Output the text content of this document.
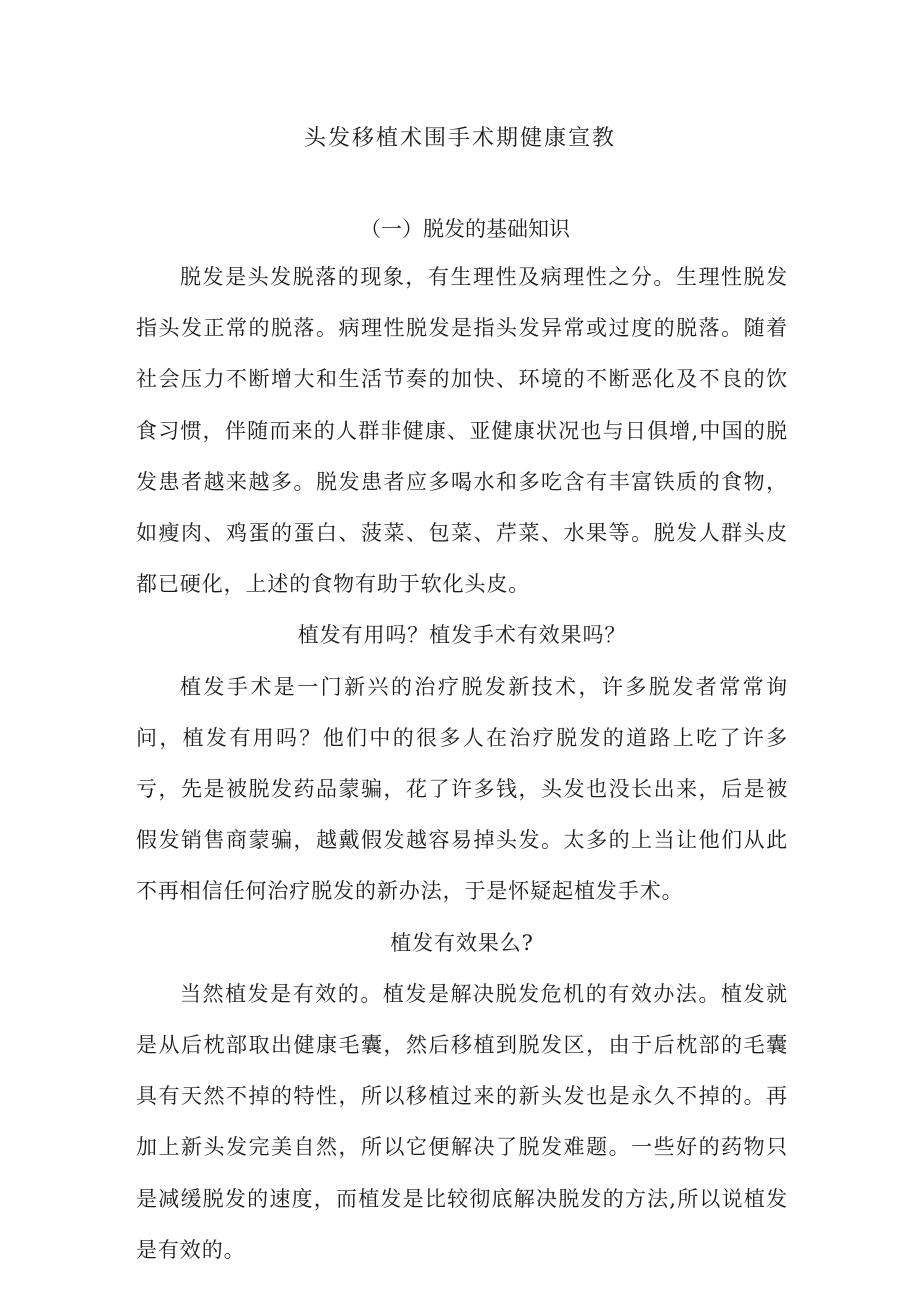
头发移植术围手术期健康宣教
（一）脱发的基础知识

脱发是头发脱落的现象，有生理性及病理性之分。生理性脱发指头发正常的脱落。病理性脱发是指头发异常或过度的脱落。随着社会压力不断增大和生活节奏的加快、环境的不断恶化及不良的饮食习惯，伴随而来的人群非健康、亚健康状况也与日俱增,中国的脱发患者越来越多。脱发患者应多喝水和多吃含有丰富铁质的食物，如瘦肉、鸡蛋的蛋白、菠菜、包菜、芹菜、水果等。脱发人群头皮都已硬化，上述的食物有助于软化头皮。

植发有用吗？植发手术有效果吗？

植发手术是一门新兴的治疗脱发新技术，许多脱发者常常询问，植发有用吗？他们中的很多人在治疗脱发的道路上吃了许多亏，先是被脱发药品蒙骗，花了许多钱，头发也没长出来，后是被假发销售商蒙骗，越戴假发越容易掉头发。太多的上当让他们从此不再相信任何治疗脱发的新办法，于是怀疑起植发手术。

植发有效果么?

当然植发是有效的。植发是解决脱发危机的有效办法。植发就是从后枕部取出健康毛囊，然后移植到脱发区，由于后枕部的毛囊具有天然不掉的特性，所以移植过来的新头发也是永久不掉的。再加上新头发完美自然，所以它便解决了脱发难题。一些好的药物只是减缓脱发的速度，而植发是比较彻底解决脱发的方法,所以说植发是有效的。
